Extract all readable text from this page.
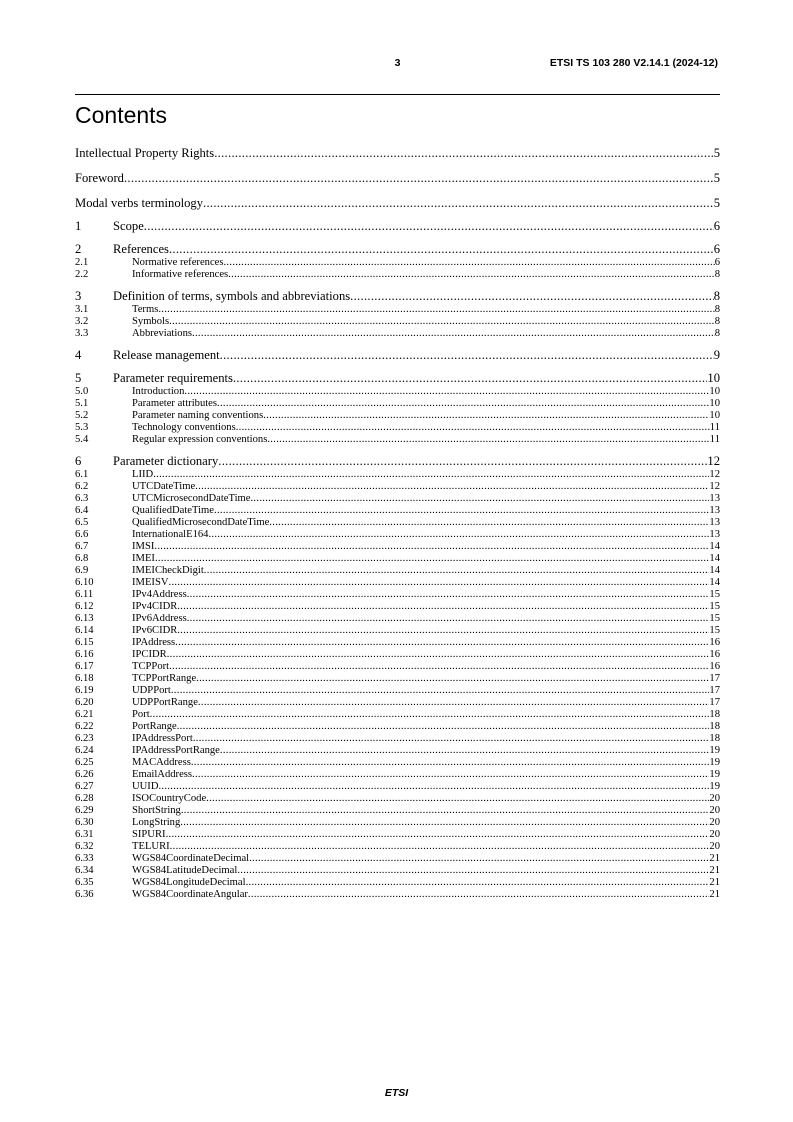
3	ETSI TS 103 280 V2.14.1 (2024-12)
Contents
Intellectual Property Rights .....	5
Foreword .....	5
Modal verbs terminology .....	5
1	Scope .....	6
2	References .....	6
2.1	Normative references .....	6
2.2	Informative references .....	8
3	Definition of terms, symbols and abbreviations .....	8
3.1	Terms .....	8
3.2	Symbols .....	8
3.3	Abbreviations .....	8
4	Release management .....	9
5	Parameter requirements .....	10
5.0	Introduction .....	10
5.1	Parameter attributes .....	10
5.2	Parameter naming conventions .....	10
5.3	Technology conventions .....	11
5.4	Regular expression conventions .....	11
6	Parameter dictionary .....	12
6.1	LIID .....	12
6.2	UTCDateTime .....	12
6.3	UTCMicrosecondDateTime .....	13
6.4	QualifiedDateTime .....	13
6.5	QualifiedMicrosecondDateTime .....	13
6.6	InternationalE164 .....	13
6.7	IMSI .....	14
6.8	IMEI .....	14
6.9	IMEICheckDigit .....	14
6.10	IMEISV .....	14
6.11	IPv4Address .....	15
6.12	IPv4CIDR .....	15
6.13	IPv6Address .....	15
6.14	IPv6CIDR .....	15
6.15	IPAddress .....	16
6.16	IPCIDR .....	16
6.17	TCPPort .....	16
6.18	TCPPortRange .....	17
6.19	UDPPort .....	17
6.20	UDPPortRange .....	17
6.21	Port .....	18
6.22	PortRange .....	18
6.23	IPAddressPort .....	18
6.24	IPAddressPortRange .....	19
6.25	MACAddress .....	19
6.26	EmailAddress .....	19
6.27	UUID .....	19
6.28	ISOCountryCode .....	20
6.29	ShortString .....	20
6.30	LongString .....	20
6.31	SIPURI .....	20
6.32	TELURI .....	20
6.33	WGS84CoordinateDecimal .....	21
6.34	WGS84LatitudeDecimal .....	21
6.35	WGS84LongitudeDecimal .....	21
6.36	WGS84CoordinateAngular .....	21
ETSI
